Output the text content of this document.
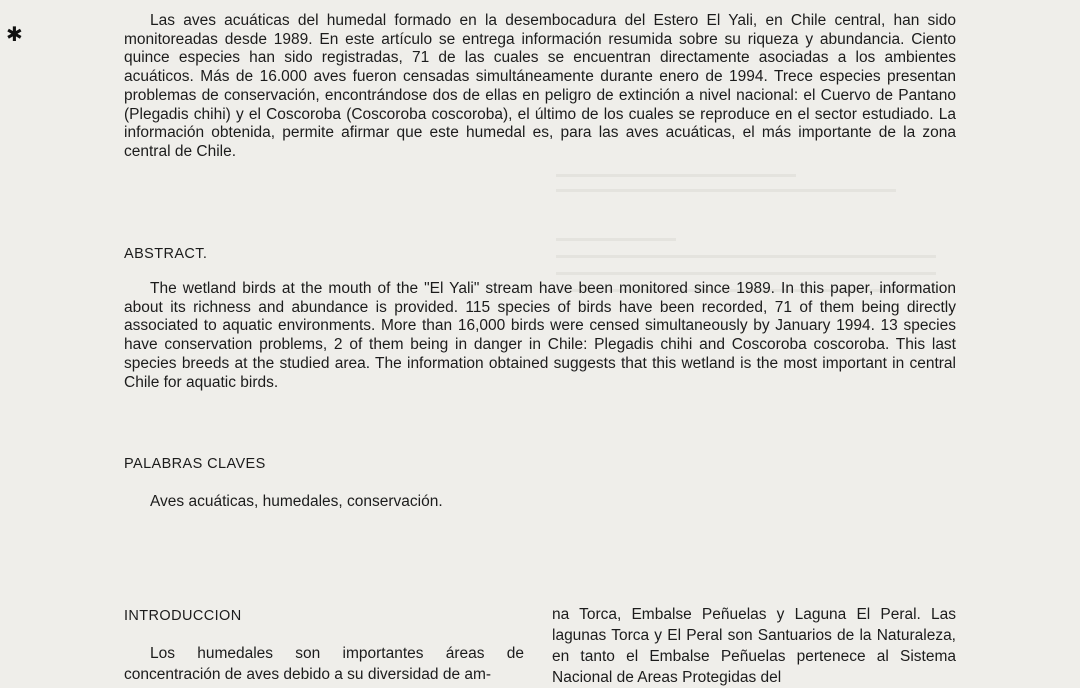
✱

Las aves acuáticas del humedal formado en la desembocadura del Estero El Yali, en Chile central, han sido monitoreadas desde 1989. En este artículo se entrega información resumida sobre su riqueza y abundancia. Ciento quince especies han sido registradas, 71 de las cuales se encuentran directamente asociadas a los ambientes acuáticos. Más de 16.000 aves fueron censadas simultáneamente durante enero de 1994. Trece especies presentan problemas de conservación, encontrándose dos de ellas en peligro de extinción a nivel nacional: el Cuervo de Pantano (Plegadis chihi) y el Coscoroba (Coscoroba coscoroba), el último de los cuales se reproduce en el sector estudiado. La información obtenida, permite afirmar que este humedal es, para las aves acuáticas, el más importante de la zona central de Chile.

ABSTRACT.

The wetland birds at the mouth of the "El Yali" stream have been monitored since 1989. In this paper, information about its richness and abundance is provided. 115 species of birds have been recorded, 71 of them being directly associated to aquatic environments. More than 16,000 birds were censed simultaneously by January 1994. 13 species have conservation problems, 2 of them being in danger in Chile: Plegadis chihi and Coscoroba coscoroba. This last species breeds at the studied area. The information obtained suggests that this wetland is the most important in central Chile for aquatic birds.

PALABRAS CLAVES

Aves acuáticas, humedales, conservación.

INTRODUCCION

Los humedales son importantes áreas de concentración de aves debido a su diversidad de am-

na Torca, Embalse Peñuelas y Laguna El Peral. Las lagunas Torca y El Peral son Santuarios de la Naturaleza, en tanto el Embalse Peñuelas pertenece al Sistema Nacional de Areas Protegidas del
